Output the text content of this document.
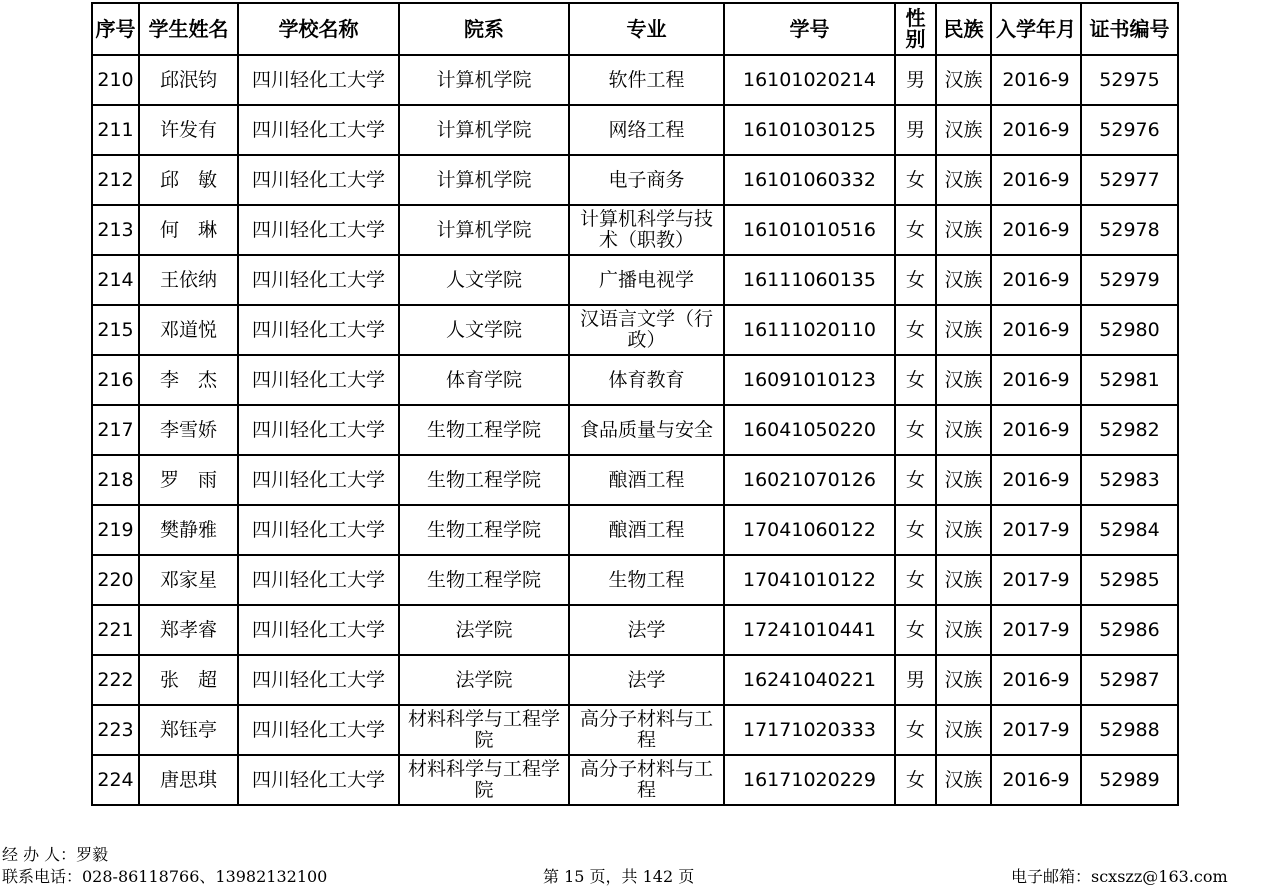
序号	学生姓名	学校名称	院系	专业	学号	性别	民族	入学年月	证书编号
210	邱泯钧	四川轻化工大学	计算机学院	软件工程	16101020214	男	汉族	2016-9	52975
211	许发有	四川轻化工大学	计算机学院	网络工程	16101030125	男	汉族	2016-9	52976
212	邱　敏	四川轻化工大学	计算机学院	电子商务	16101060332	女	汉族	2016-9	52977
213	何　琳	四川轻化工大学	计算机学院	计算机科学与技术（职教）	16101010516	女	汉族	2016-9	52978
214	王依纳	四川轻化工大学	人文学院	广播电视学	16111060135	女	汉族	2016-9	52979
215	邓道悦	四川轻化工大学	人文学院	汉语言文学（行政）	16111020110	女	汉族	2016-9	52980
216	李　杰	四川轻化工大学	体育学院	体育教育	16091010123	女	汉族	2016-9	52981
217	李雪娇	四川轻化工大学	生物工程学院	食品质量与安全	16041050220	女	汉族	2016-9	52982
218	罗　雨	四川轻化工大学	生物工程学院	酿酒工程	16021070126	女	汉族	2016-9	52983
219	樊静雅	四川轻化工大学	生物工程学院	酿酒工程	17041060122	女	汉族	2017-9	52984
220	邓家星	四川轻化工大学	生物工程学院	生物工程	17041010122	女	汉族	2017-9	52985
221	郑孝睿	四川轻化工大学	法学院	法学	17241010441	女	汉族	2017-9	52986
222	张　超	四川轻化工大学	法学院	法学	16241040221	男	汉族	2016-9	52987
223	郑钰亭	四川轻化工大学	材料科学与工程学院	高分子材料与工程	17171020333	女	汉族	2017-9	52988
224	唐思琪	四川轻化工大学	材料科学与工程学院	高分子材料与工程	16171020229	女	汉族	2016-9	52989
经 办 人：罗毅
联系电话：028-86118766、13982132100	第 15 页，共 142 页	电子邮箱：scxszz@163.com
